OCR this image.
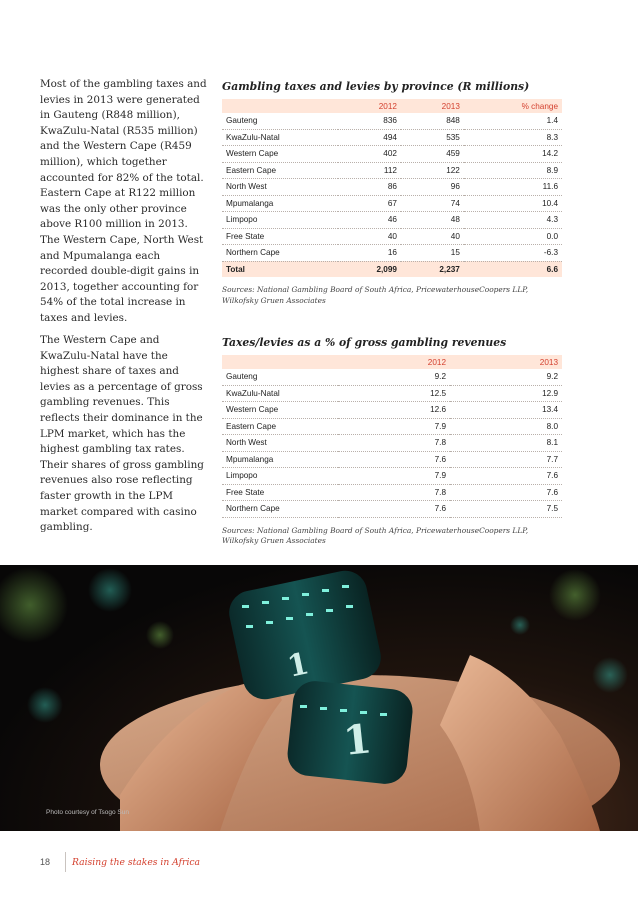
Most of the gambling taxes and levies in 2013 were generated in Gauteng (R848 million), KwaZulu-Natal (R535 million) and the Western Cape (R459 million), which together accounted for 82% of the total. Eastern Cape at R122 million was the only other province above R100 million in 2013. The Western Cape, North West and Mpumalanga each recorded double-digit gains in 2013, together accounting for 54% of the total increase in taxes and levies.

Gambling taxes and levies by province (R millions)
	2012	2013	% change
Gauteng	836	848	1.4
KwaZulu-Natal	494	535	8.3
Western Cape	402	459	14.2
Eastern Cape	112	122	8.9
North West	86	96	11.6
Mpumalanga	67	74	10.4
Limpopo	46	48	4.3
Free State	40	40	0.0
Northern Cape	16	15	-6.3
Total	2,099	2,237	6.6
Sources: National Gambling Board of South Africa, PricewaterhouseCoopers LLP, Wilkofsky Gruen Associates

The Western Cape and KwaZulu-Natal have the highest share of taxes and levies as a percentage of gross gambling revenues. This reflects their dominance in the LPM market, which has the highest gambling tax rates. Their shares of gross gambling revenues also rose reflecting faster growth in the LPM market compared with casino gambling.

Taxes/levies as a % of gross gambling revenues
	2012	2013
Gauteng	9.2	9.2
KwaZulu-Natal	12.5	12.9
Western Cape	12.6	13.4
Eastern Cape	7.9	8.0
North West	7.8	8.1
Mpumalanga	7.6	7.7
Limpopo	7.9	7.6
Free State	7.8	7.6
Northern Cape	7.6	7.5
Sources: National Gambling Board of South Africa, PricewaterhouseCoopers LLP, Wilkofsky Gruen Associates
1
1
Photo courtesy of Tsogo Sun
18 Raising the stakes in Africa
